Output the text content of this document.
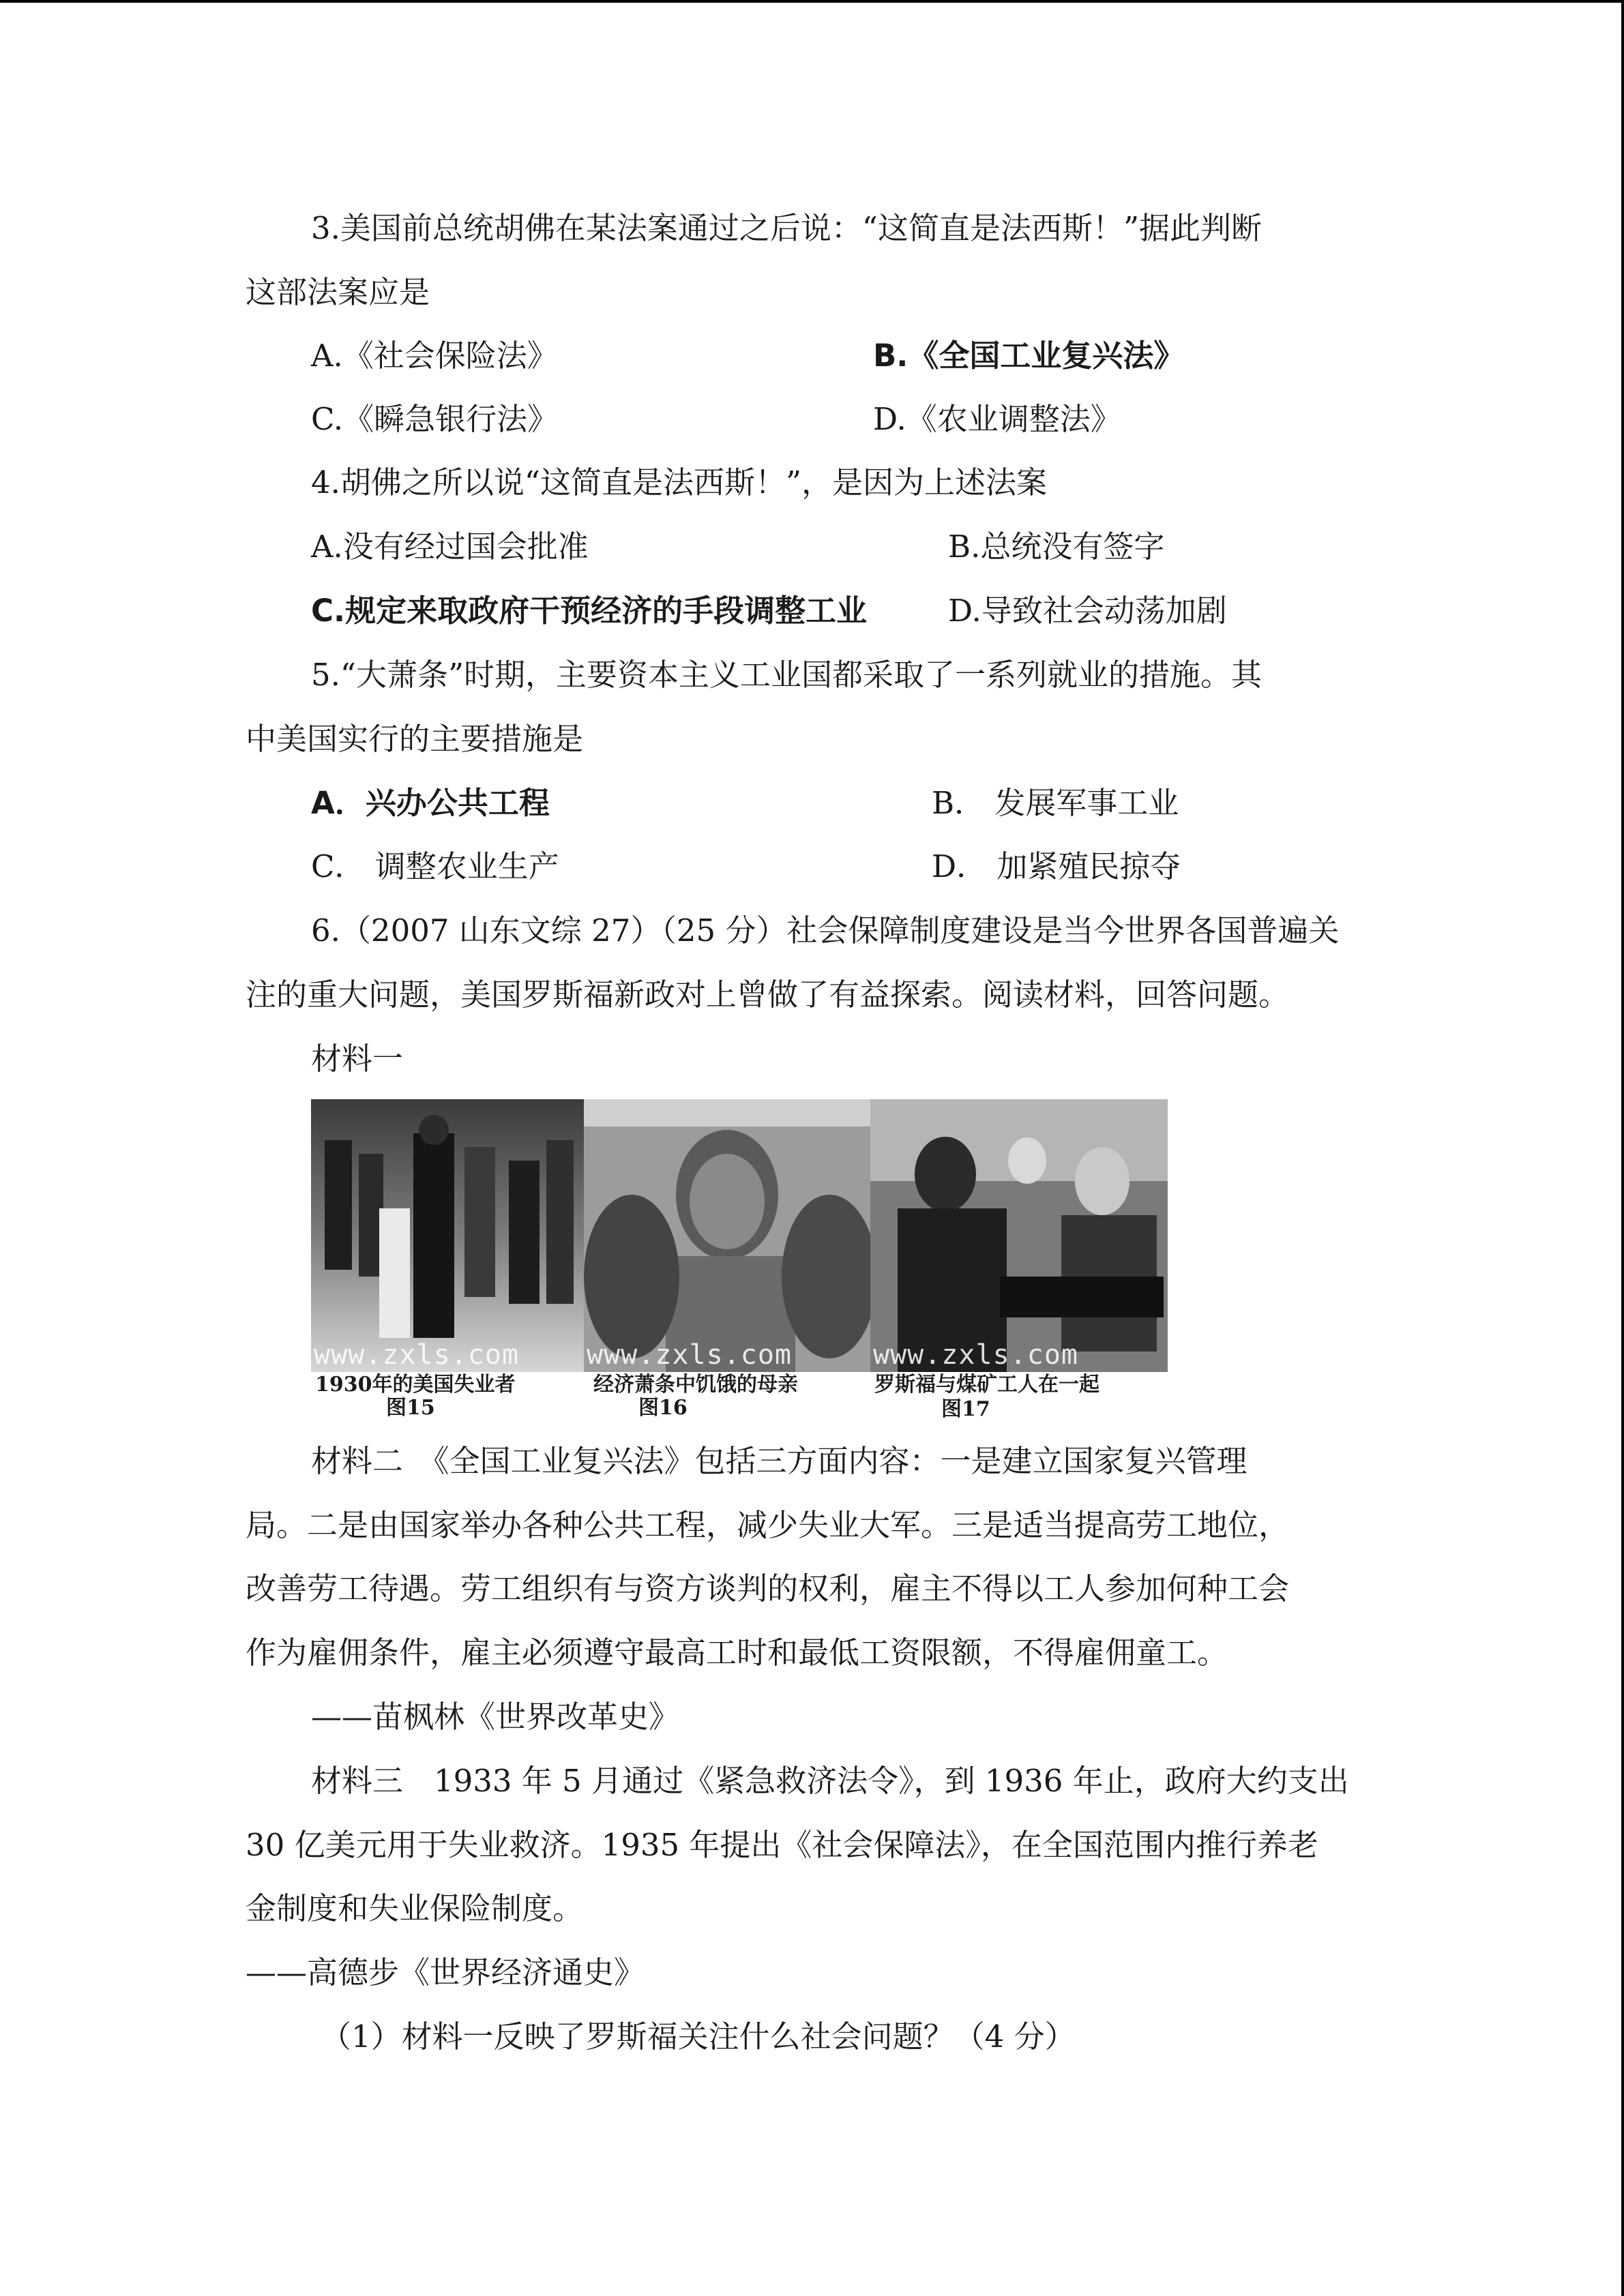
3.美国前总统胡佛在某法案通过之后说：“这简直是法西斯！”据此判断
这部法案应是
A.《社会保险法》	B.《全国工业复兴法》
C.《瞬急银行法》	D.《农业调整法》
4.胡佛之所以说“这简直是法西斯！”，是因为上述法案
A.没有经过国会批准	B.总统没有签字
C.规定来取政府干预经济的手段调整工业	D.导致社会动荡加剧
5.“大萧条”时期，主要资本主义工业国都采取了一系列就业的措施。其
中美国实行的主要措施是
A．兴办公共工程	B． 发展军事工业
C． 调整农业生产	D． 加紧殖民掠夺
6.（2007 山东文综 27）（25 分）社会保障制度建设是当今世界各国普遍关
注的重大问题，美国罗斯福新政对上曾做了有益探索。阅读材料，回答问题。
材料一
www.zxls.com www.zxls.com	www.zxls.com
1930年的美国失业者
图15
经济萧条中饥饿的母亲
图16
罗斯福与煤矿工人在一起
图17
材料二　《全国工业复兴法》包括三方面内容：一是建立国家复兴管理
局。二是由国家举办各种公共工程，减少失业大军。三是适当提高劳工地位，
改善劳工待遇。劳工组织有与资方谈判的权利，雇主不得以工人参加何种工会
作为雇佣条件，雇主必须遵守最高工时和最低工资限额，不得雇佣童工。
——苗枫林《世界改革史》
材料三　1933 年 5 月通过《紧急救济法令》，到 1936 年止，政府大约支出
30 亿美元用于失业救济。1935 年提出《社会保障法》，在全国范围内推行养老
金制度和失业保险制度。
——高德步《世界经济通史》
（1）材料一反映了罗斯福关注什么社会问题？（4 分）
